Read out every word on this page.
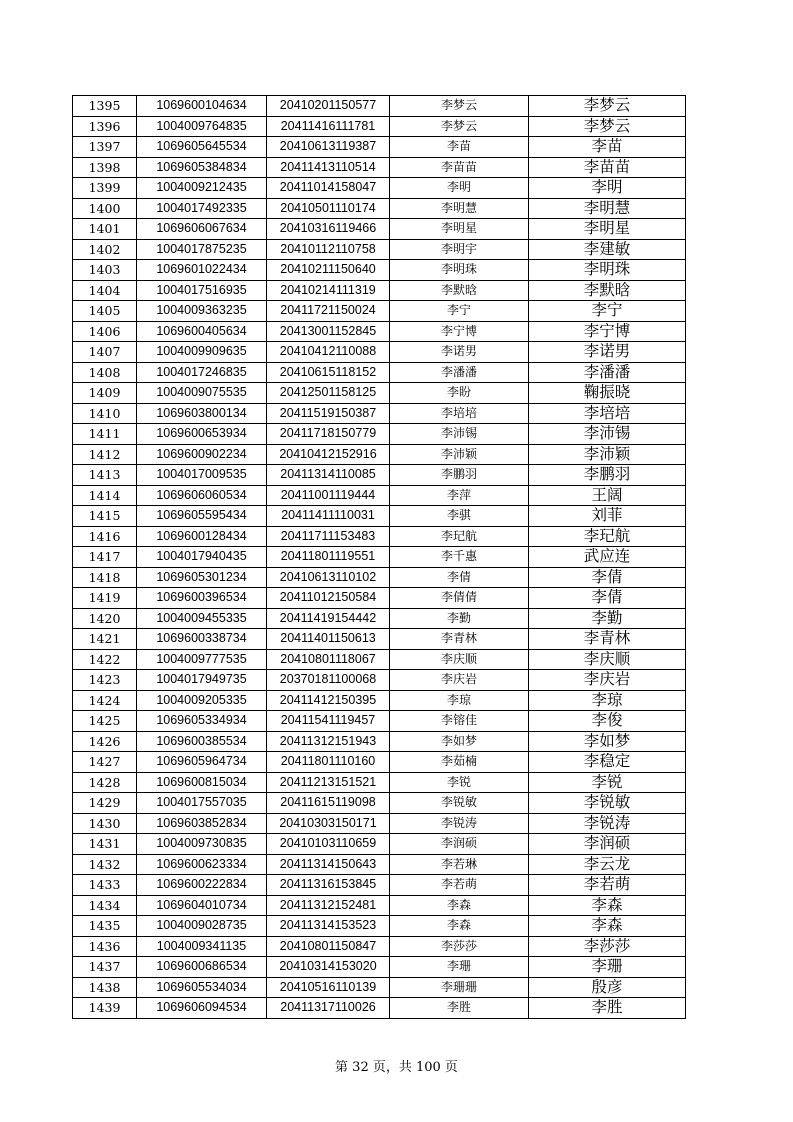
1395	1069600104634	20410201150577	李梦云	李梦云
1396	1004009764835	20411416111781	李梦云	李梦云
1397	1069605645534	20410613119387	李苗	李苗
1398	1069605384834	20411413110514	李苗苗	李苗苗
1399	1004009212435	20411014158047	李明	李明
1400	1004017492335	20410501110174	李明慧	李明慧
1401	1069606067634	20410316119466	李明星	李明星
1402	1004017875235	20410112110758	李明宇	李建敏
1403	1069601022434	20410211150640	李明珠	李明珠
1404	1004017516935	20410214111319	李默晗	李默晗
1405	1004009363235	20411721150024	李宁	李宁
1406	1069600405634	20413001152845	李宁博	李宁博
1407	1004009909635	20410412110088	李诺男	李诺男
1408	1004017246835	20410615118152	李潘潘	李潘潘
1409	1004009075535	20412501158125	李盼	鞠振晓
1410	1069603800134	20411519150387	李培培	李培培
1411	1069600653934	20411718150779	李沛锡	李沛锡
1412	1069600902234	20410412152916	李沛颖	李沛颖
1413	1004017009535	20411314110085	李鹏羽	李鹏羽
1414	1069606060534	20411001119444	李萍	王阔
1415	1069605595434	20411411110031	李骐	刘菲
1416	1069600128434	20411711153483	李玘航	李玘航
1417	1004017940435	20411801119551	李千惠	武应连
1418	1069605301234	20410613110102	李倩	李倩
1419	1069600396534	20411012150584	李倩倩	李倩
1420	1004009455335	20411419154442	李勤	李勤
1421	1069600338734	20411401150613	李青林	李青林
1422	1004009777535	20410801118067	李庆顺	李庆顺
1423	1004017949735	20370181100068	李庆岩	李庆岩
1424	1004009205335	20411412150395	李琼	李琼
1425	1069605334934	20411541119457	李镕佳	李俊
1426	1069600385534	20411312151943	李如梦	李如梦
1427	1069605964734	20411801110160	李茹楠	李稳定
1428	1069600815034	20411213151521	李锐	李锐
1429	1004017557035	20411615119098	李锐敏	李锐敏
1430	1069603852834	20410303150171	李锐涛	李锐涛
1431	1004009730835	20410103110659	李润硕	李润硕
1432	1069600623334	20411314150643	李若琳	李云龙
1433	1069600222834	20411316153845	李若萌	李若萌
1434	1069604010734	20411312152481	李森	李森
1435	1004009028735	20411314153523	李森	李森
1436	1004009341135	20410801150847	李莎莎	李莎莎
1437	1069600686534	20410314153020	李珊	李珊
1438	1069605534034	20410516110139	李珊珊	殷彦
1439	1069606094534	20411317110026	李胜	李胜
第 32 页，共 100 页
